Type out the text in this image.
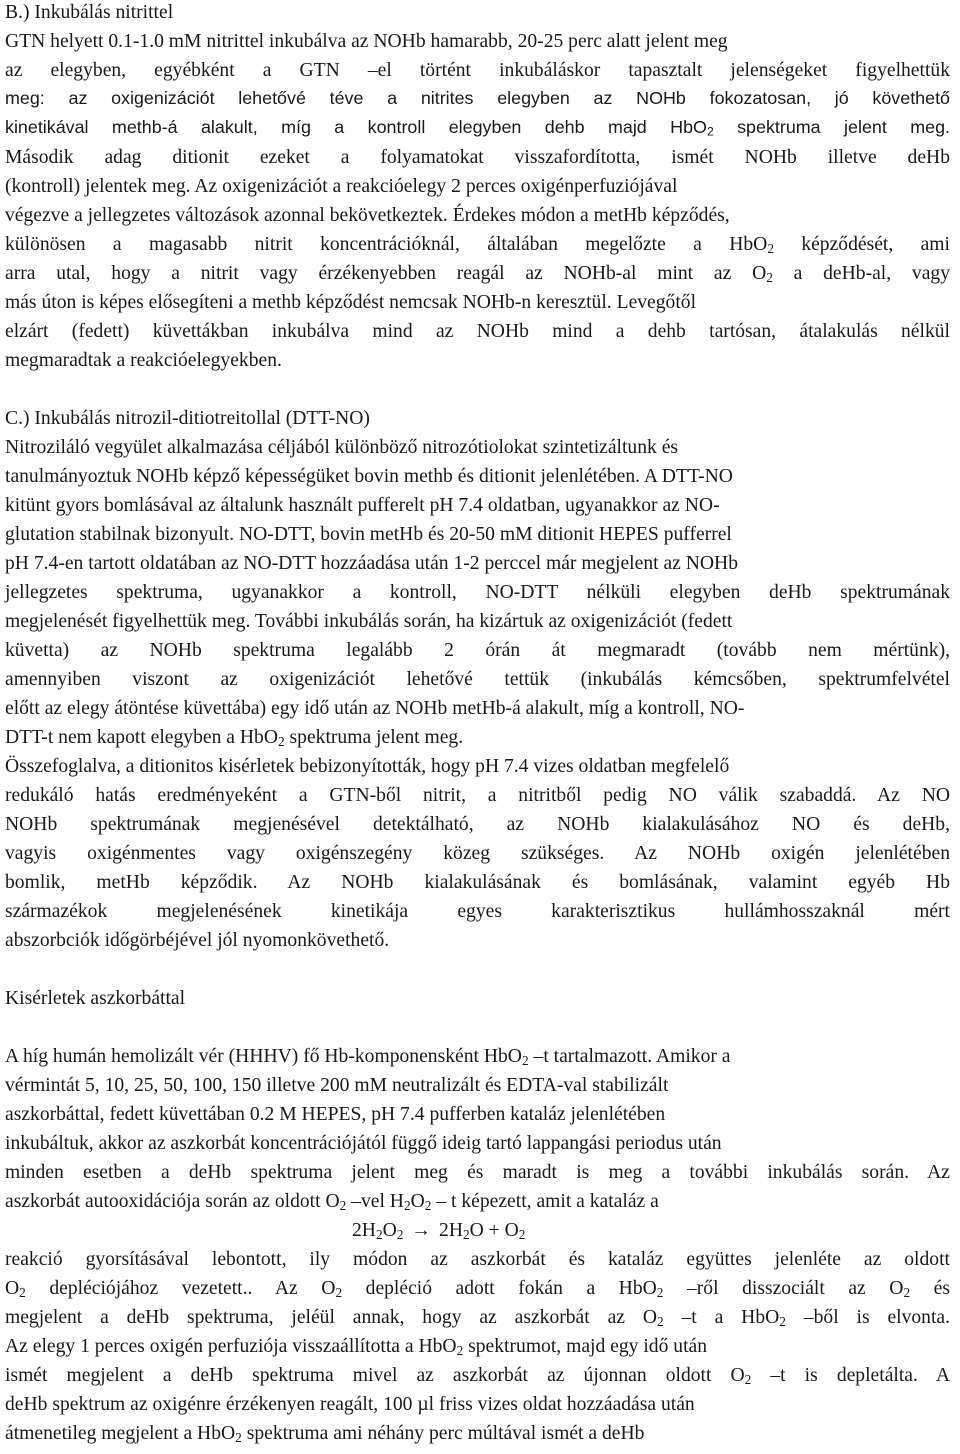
B.) Inkubálás nitrittel
GTN helyett 0.1-1.0 mM nitrittel inkubálva az NOHb hamarabb, 20-25 perc alatt jelent meg
az elegyben, egyébként a GTN –el történt inkubáláskor tapasztalt jelenségeket figyelhettük
meg: az oxigenizációt lehetővé téve a nitrites elegyben az NOHb fokozatosan, jó követhető
kinetikával methb-á alakult, míg a kontroll elegyben dehb majd HbO$_2$ spektruma jelent meg.
Második adag ditionit ezeket a folyamatokat visszafordította, ismét NOHb illetve deHb
(kontroll) jelentek meg. Az oxigenizációt a reakcióelegy 2 perces oxigénperfuziójával
végezve a jellegzetes változások azonnal bekövetkeztek. Érdekes módon a metHb képződés,
különösen a magasabb nitrit koncentrációknál, általában megelőzte a HbO$_2$ képződését, ami
arra utal, hogy a nitrit vagy érzékenyebben reagál az NOHb-al mint az $O_2$ a deHb-al, vagy
más úton is képes elősegíteni a methb képződést nemcsak NOHb-n keresztül. Levegőtől
elzárt (fedett) küvettákban inkubálva mind az NOHb mind a dehb tartósan, átalakulás nélkül
megmaradtak a reakcióelegyekben.
C.) Inkubálás nitrozil-ditiotreitollal (DTT-NO)
Nitroziláló vegyület alkalmazása céljából különböző nitrozótiolokat szintetizáltunk és
tanulmányoztuk NOHb képző képességüket bovin methb és ditionit jelenlétében. A DTT-NO
kitünt gyors bomlásával az általunk használt pufferelt pH 7.4 oldatban, ugyanakkor az NO-
glutation stabilnak bizonyult. NO-DTT, bovin metHb és 20-50 mM ditionit HEPES pufferrel
pH 7.4-en tartott oldatában az NO-DTT hozzáadása után 1-2 perccel már megjelent az NOHb
jellegzetes spektruma, ugyanakkor a kontroll, NO-DTT nélküli elegyben deHb spektrumának
megjelenését figyelhettük meg. További inkubálás során, ha kizártuk az oxigenizációt (fedett
küvetta) az NOHb spektruma legalább 2 órán át megmaradt (tovább nem mértünk),
amennyiben viszont az oxigenizációt lehetővé tettük (inkubálás kémcsőben, spektrumfelvétel
előtt az elegy átöntése küvettába) egy idő után az NOHb metHb-á alakult, míg a kontroll, NO-
DTT-t nem kapott elegyben a HbO$_2$ spektruma jelent meg.
Összefoglalva, a ditionitos kisérletek bebizonyították, hogy pH 7.4 vizes oldatban megfelelő
redukáló hatás eredményeként a GTN-ből nitrit, a nitritből pedig NO válik szabaddá. Az NO
NOHb spektrumának megjenésével detektálható, az NOHb kialakulásához NO és deHb,
vagyis oxigénmentes vagy oxigénszegény közeg szükséges. Az NOHb oxigén jelenlétében
bomlik, metHb képződik. Az NOHb kialakulásának és bomlásának, valamint egyéb Hb
származékok megjelenésének kinetikája egyes karakterisztikus hullámhosszaknál mért
abszorbciók időgörbéjével jól nyomonkövethető.
Kisérletek aszkorbáttal
A híg humán hemolizált vér (HHHV) fő Hb-komponensként HbO$_2$ –t tartalmazott. Amikor a
vérmintát 5, 10, 25, 50, 100, 150 illetve 200 mM neutralizált és EDTA-val stabilizált
aszkorbáttal, fedett küvettában 0.2 M HEPES, pH 7.4 pufferben kataláz jelenlétében
inkubáltuk, akkor az aszkorbát koncentrációjától függő ideig tartó lappangási periodus után
minden esetben a deHb spektruma jelent meg és maradt is meg a további inkubálás során. Az
aszkorbát autooxidációja során az oldott $O_2$ –vel $H_2O_2$ – t képezett, amit a kataláz a
$2H_2O_2 \to 2H_2O + O_2$
reakció gyorsításával lebontott, ily módon az aszkorbát és kataláz együttes jelenléte az oldott
$O_2$ depléciójához vezetett.. Az $O_2$ depléció adott fokán a HbO$_2$ –ről disszociált az $O_2$ és
megjelent a deHb spektruma, jeléül annak, hogy az aszkorbát az $O_2$ –t a HbO$_2$ –ből is elvonta.
Az elegy 1 perces oxigén perfuziója visszaállította a HbO$_2$ spektrumot, majd egy idő után
ismét megjelent a deHb spektruma mivel az aszkorbát az újonnan oldott $O_2$ –t is depletálta. A
deHb spektrum az oxigénre érzékenyen reagált, 100 µl friss vizes oldat hozzáadása után
átmenetileg megjelent a HbO$_2$ spektruma ami néhány perc múltával ismét a deHb
